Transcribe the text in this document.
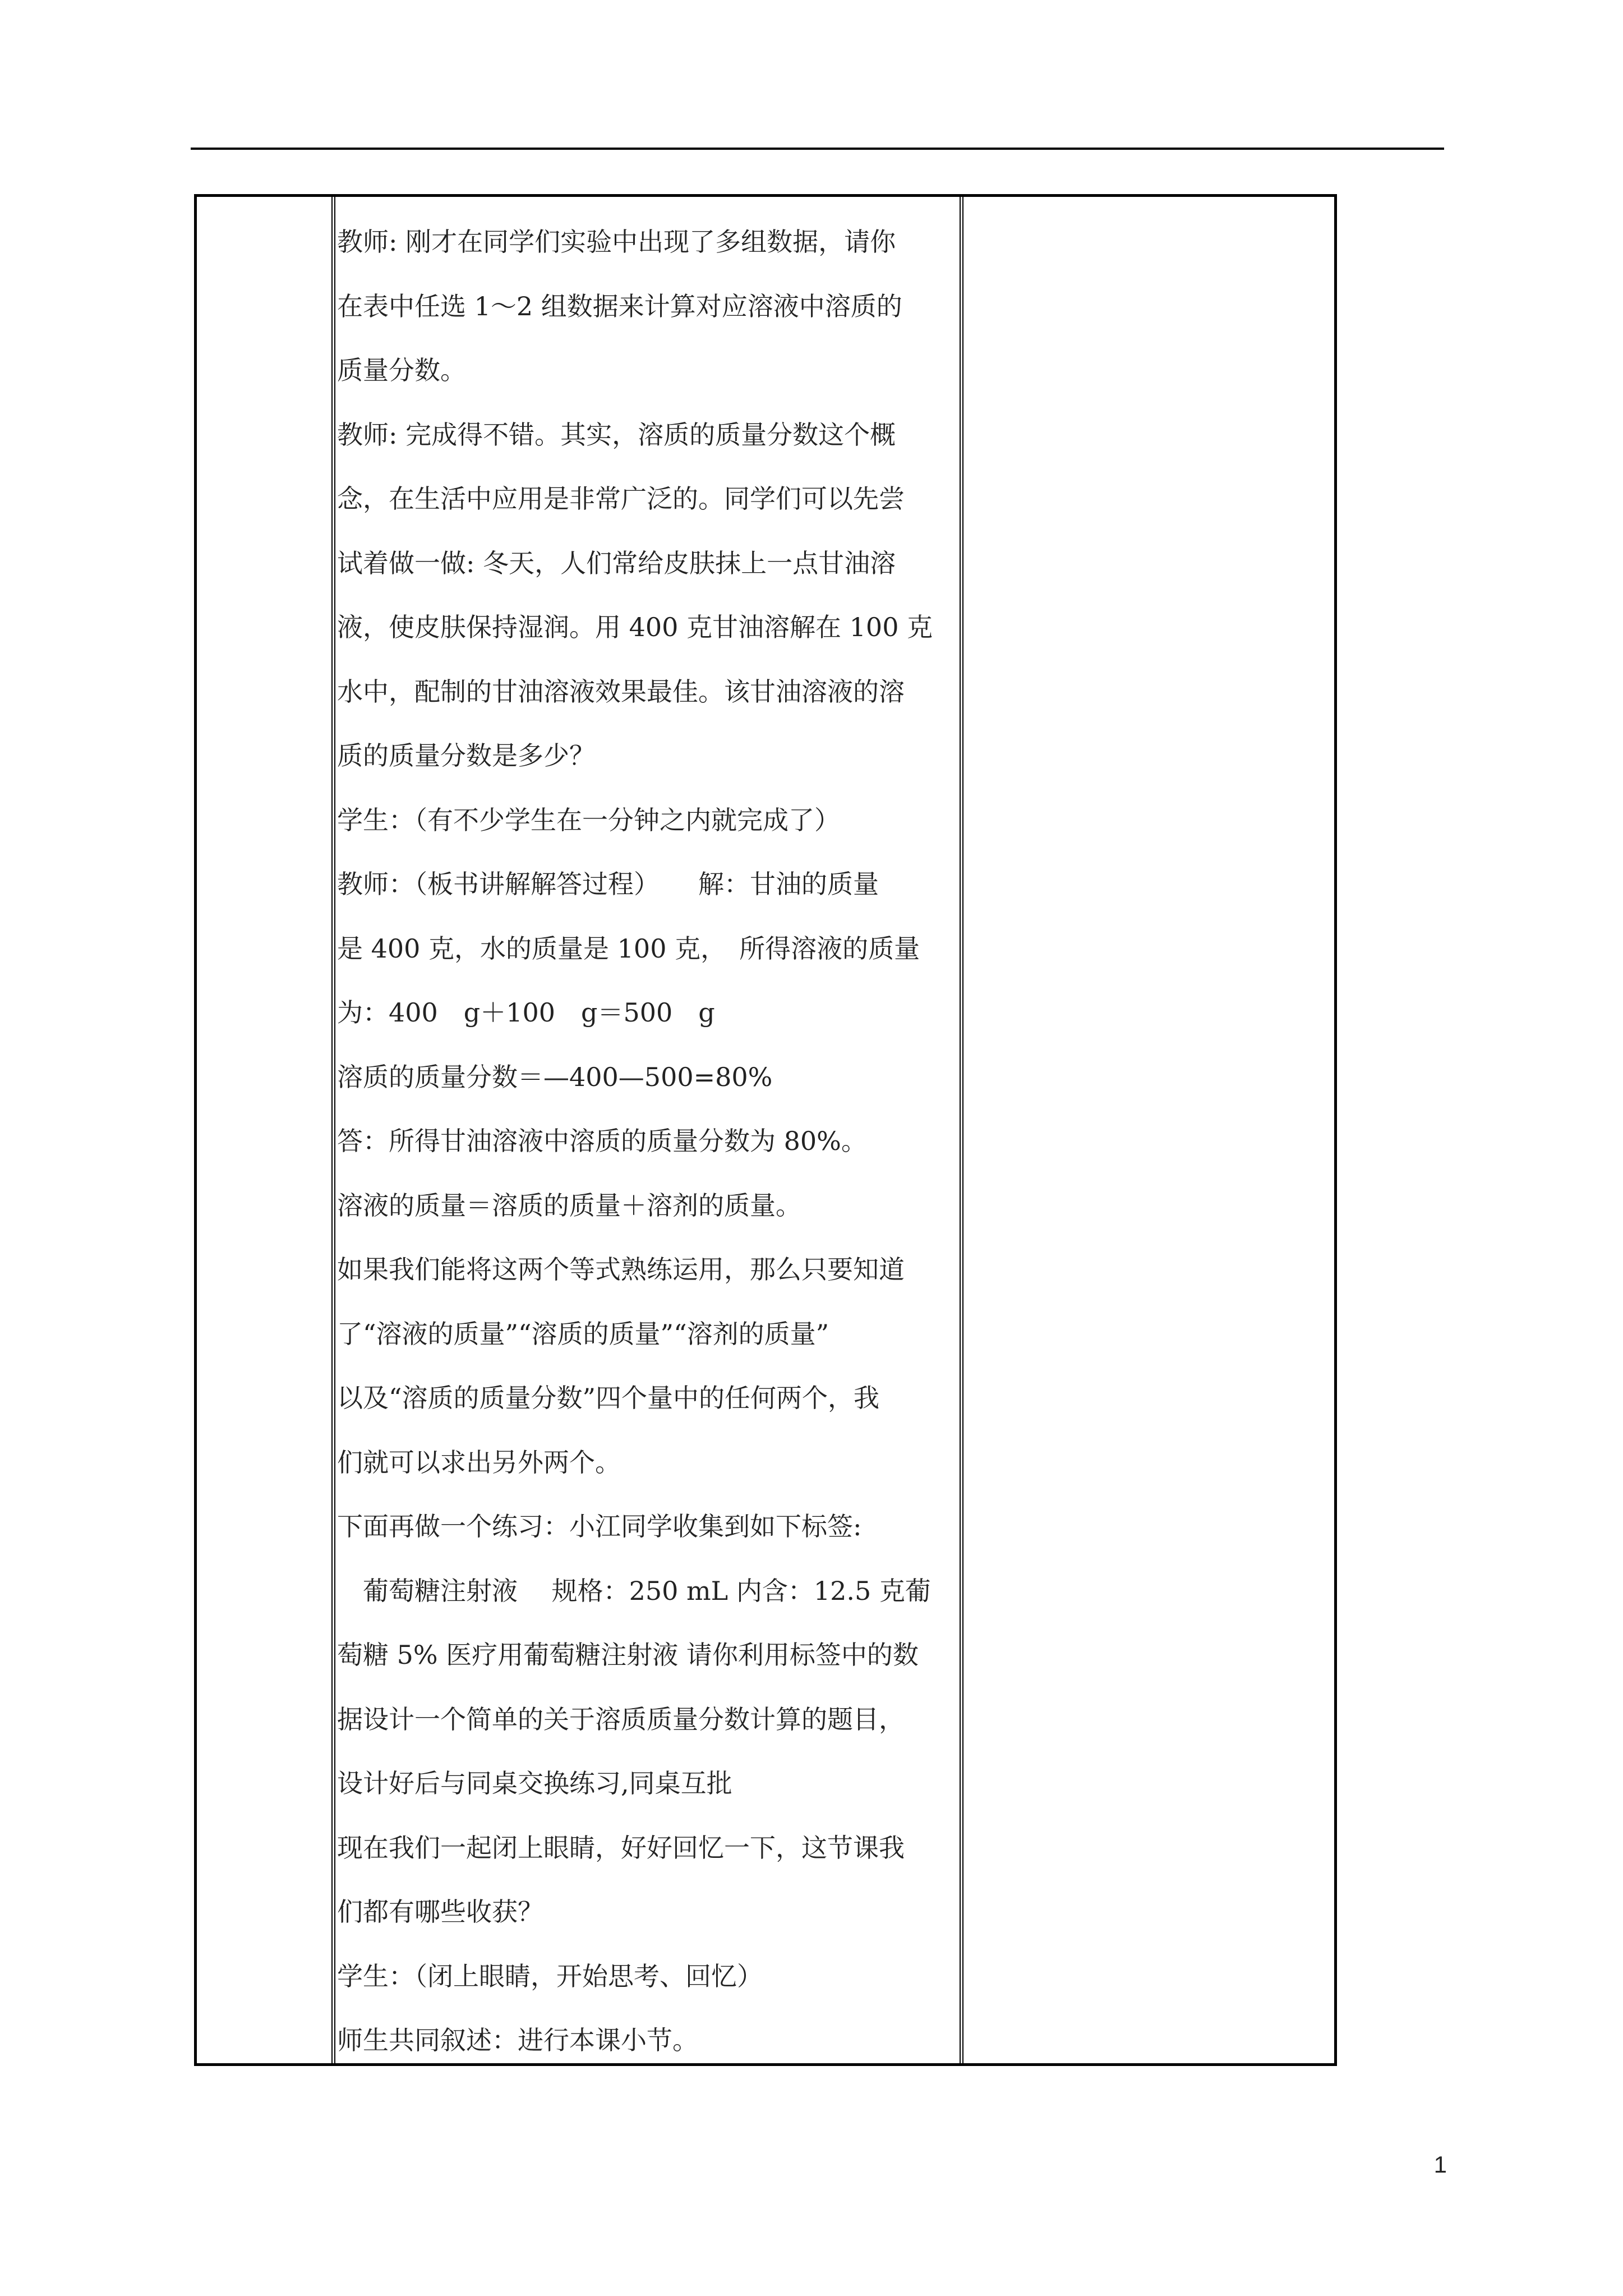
教师: 刚才在同学们实验中出现了多组数据，请你
在表中任选 1～2 组数据来计算对应溶液中溶质的
质量分数。
教师: 完成得不错。其实，溶质的质量分数这个概
念，在生活中应用是非常广泛的。同学们可以先尝
试着做一做: 冬天，人们常给皮肤抹上一点甘油溶
液，使皮肤保持湿润。用 400 克甘油溶解在 100 克
水中，配制的甘油溶液效果最佳。该甘油溶液的溶
质的质量分数是多少？
学生：（有不少学生在一分钟之内就完成了）
教师：（板书讲解解答过程）　　解：甘油的质量
是 400 克，水的质量是 100 克，　所得溶液的质量
为：400　g＋100　g＝500　g
溶质的质量分数＝—400—500=80%
答：所得甘油溶液中溶质的质量分数为 80%。
溶液的质量＝溶质的质量＋溶剂的质量。
如果我们能将这两个等式熟练运用，那么只要知道
了“溶液的质量”“溶质的质量”“溶剂的质量”
以及“溶质的质量分数”四个量中的任何两个，我
们就可以求出另外两个。
下面再做一个练习：小江同学收集到如下标签:
　葡萄糖注射液　 规格：250 mL 内含：12.5 克葡
萄糖 5% 医疗用葡萄糖注射液 请你利用标签中的数
据设计一个简单的关于溶质质量分数计算的题目，
设计好后与同桌交换练习,同桌互批
现在我们一起闭上眼睛，好好回忆一下，这节课我
们都有哪些收获？
学生：（闭上眼睛，开始思考、回忆）
师生共同叙述：进行本课小节。
1
